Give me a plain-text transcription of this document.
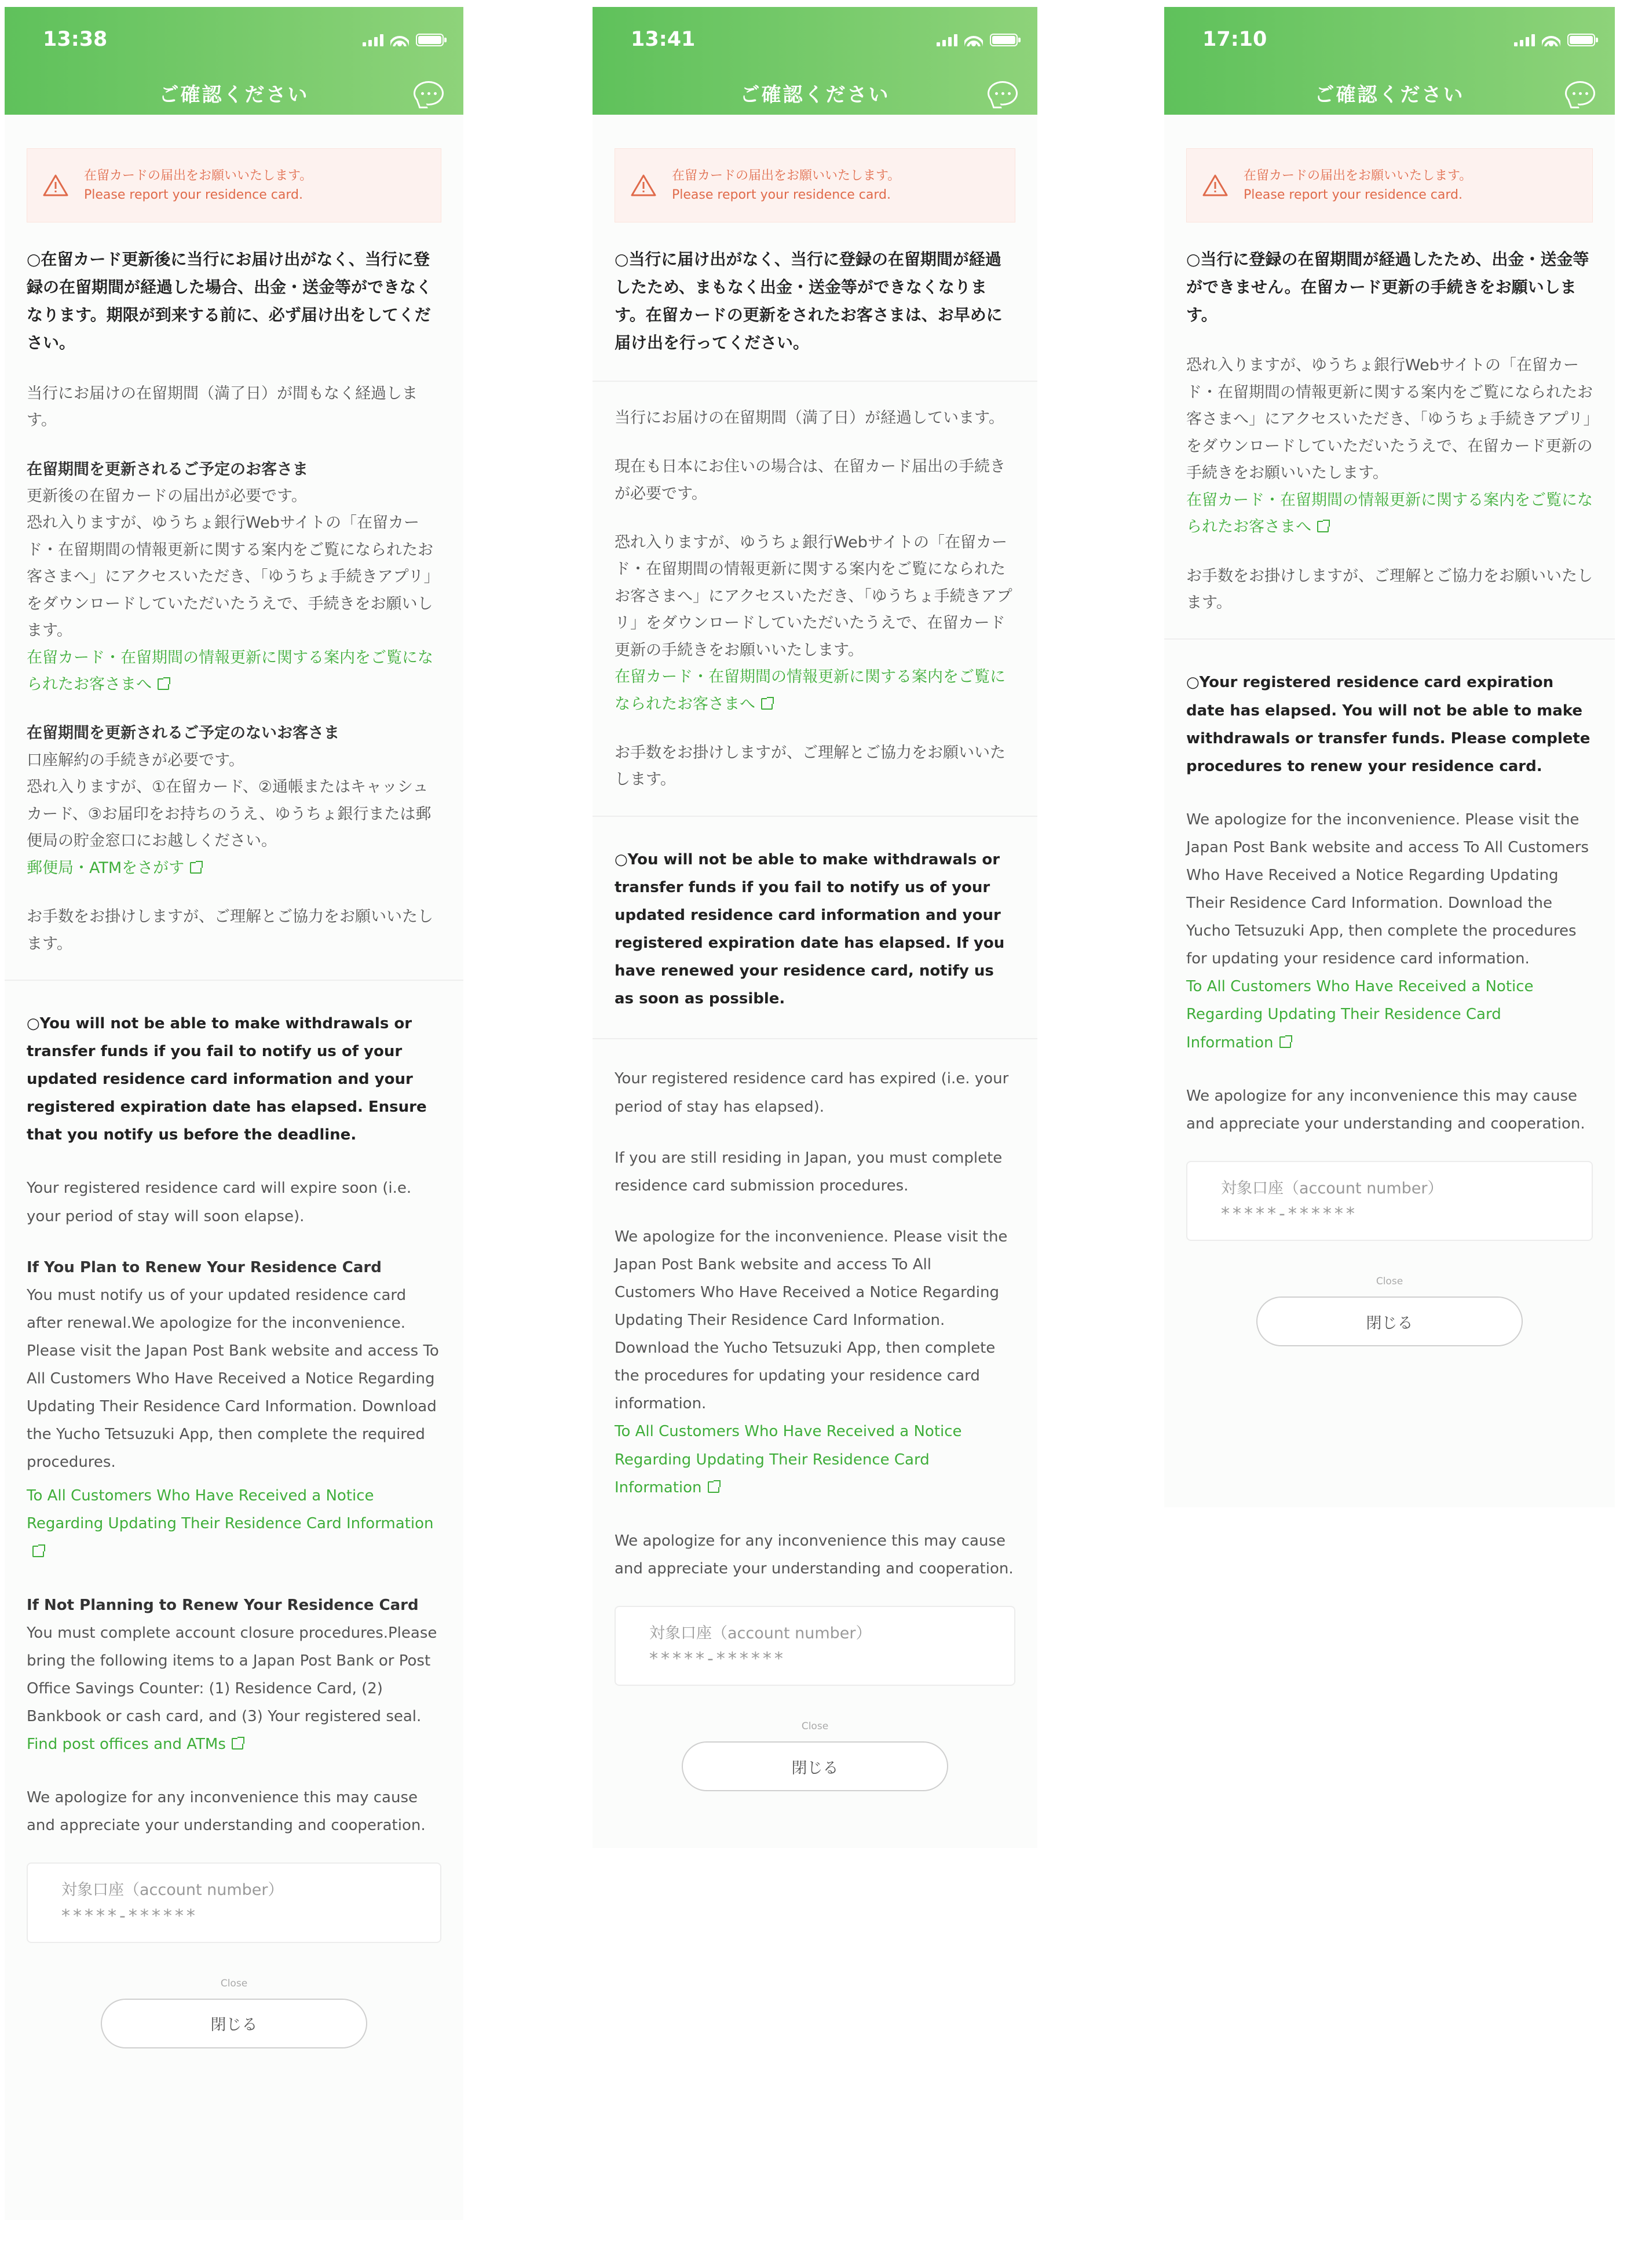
13:38
ご確認ください
在留カードの届出をお願いいたします。
Please report your residence card.
○在留カード更新後に当行にお届け出がなく、当行に登録の在留期間が経過した場合、出金・送金等ができなくなります。期限が到来する前に、必ず届け出をしてください。
当行にお届けの在留期間（満了日）が間もなく経過します。
在留期間を更新されるご予定のお客さま
更新後の在留カードの届出が必要です。
恐れ入りますが、ゆうちょ銀行Webサイトの「在留カード・在留期間の情報更新に関する案内をご覧になられたお客さまへ」にアクセスいただき、「ゆうちょ手続きアプリ」をダウンロードしていただいたうえで、手続きをお願いします。
在留カード・在留期間の情報更新に関する案内をご覧になられたお客さまへ
在留期間を更新されるご予定のないお客さま
口座解約の手続きが必要です。
恐れ入りますが、①在留カード、②通帳またはキャッシュカード、③お届印をお持ちのうえ、ゆうちょ銀行または郵便局の貯金窓口にお越しください。
郵便局・ATMをさがす
お手数をお掛けしますが、ご理解とご協力をお願いいたします。
○You will not be able to make withdrawals or transfer funds if you fail to notify us of your updated residence card information and your registered expiration date has elapsed. Ensure that you notify us before the deadline.
Your registered residence card will expire soon (i.e. your period of stay will soon elapse).
If You Plan to Renew Your Residence Card
You must notify us of your updated residence card after renewal.We apologize for the inconvenience. Please visit the Japan Post Bank website and access To All Customers Who Have Received a Notice Regarding Updating Their Residence Card Information. Download the Yucho Tetsuzuki App, then complete the required procedures.
To All Customers Who Have Received a Notice Regarding Updating Their Residence Card Information
If Not Planning to Renew Your Residence Card
You must complete account closure procedures.Please bring the following items to a Japan Post Bank or Post Office Savings Counter: (1) Residence Card, (2) Bankbook or cash card, and (3) Your registered seal.
Find post offices and ATMs
We apologize for any inconvenience this may cause and appreciate your understanding and cooperation.
対象口座（account number）
*****-******
Close
閉じる
13:41
ご確認ください
在留カードの届出をお願いいたします。
Please report your residence card.
○当行に届け出がなく、当行に登録の在留期間が経過したため、まもなく出金・送金等ができなくなります。在留カードの更新をされたお客さまは、お早めに届け出を行ってください。
当行にお届けの在留期間（満了日）が経過しています。
現在も日本にお住いの場合は、在留カード届出の手続きが必要です。
恐れ入りますが、ゆうちょ銀行Webサイトの「在留カード・在留期間の情報更新に関する案内をご覧になられたお客さまへ」にアクセスいただき、「ゆうちょ手続きアプリ」をダウンロードしていただいたうえで、在留カード更新の手続きをお願いいたします。
在留カード・在留期間の情報更新に関する案内をご覧になられたお客さまへ
お手数をお掛けしますが、ご理解とご協力をお願いいたします。
○You will not be able to make withdrawals or transfer funds if you fail to notify us of your updated residence card information and your registered expiration date has elapsed. If you have renewed your residence card, notify us as soon as possible.
Your registered residence card has expired (i.e. your period of stay has elapsed).
If you are still residing in Japan, you must complete residence card submission procedures.
We apologize for the inconvenience. Please visit the Japan Post Bank website and access To All Customers Who Have Received a Notice Regarding Updating Their Residence Card Information. Download the Yucho Tetsuzuki App, then complete the procedures for updating your residence card information.
To All Customers Who Have Received a Notice Regarding Updating Their Residence Card Information
We apologize for any inconvenience this may cause and appreciate your understanding and cooperation.
対象口座（account number）
*****-******
Close
閉じる
17:10
ご確認ください
在留カードの届出をお願いいたします。
Please report your residence card.
○当行に登録の在留期間が経過したため、出金・送金等ができません。在留カード更新の手続きをお願いします。
恐れ入りますが、ゆうちょ銀行Webサイトの「在留カード・在留期間の情報更新に関する案内をご覧になられたお客さまへ」にアクセスいただき、「ゆうちょ手続きアプリ」をダウンロードしていただいたうえで、在留カード更新の手続きをお願いいたします。
在留カード・在留期間の情報更新に関する案内をご覧になられたお客さまへ
お手数をお掛けしますが、ご理解とご協力をお願いいたします。
○Your registered residence card expiration date has elapsed. You will not be able to make withdrawals or transfer funds. Please complete procedures to renew your residence card.
We apologize for the inconvenience. Please visit the Japan Post Bank website and access To All Customers Who Have Received a Notice Regarding Updating Their Residence Card Information. Download the Yucho Tetsuzuki App, then complete the procedures for updating your residence card information.
To All Customers Who Have Received a Notice Regarding Updating Their Residence Card Information
We apologize for any inconvenience this may cause and appreciate your understanding and cooperation.
対象口座（account number）
*****-******
Close
閉じる
